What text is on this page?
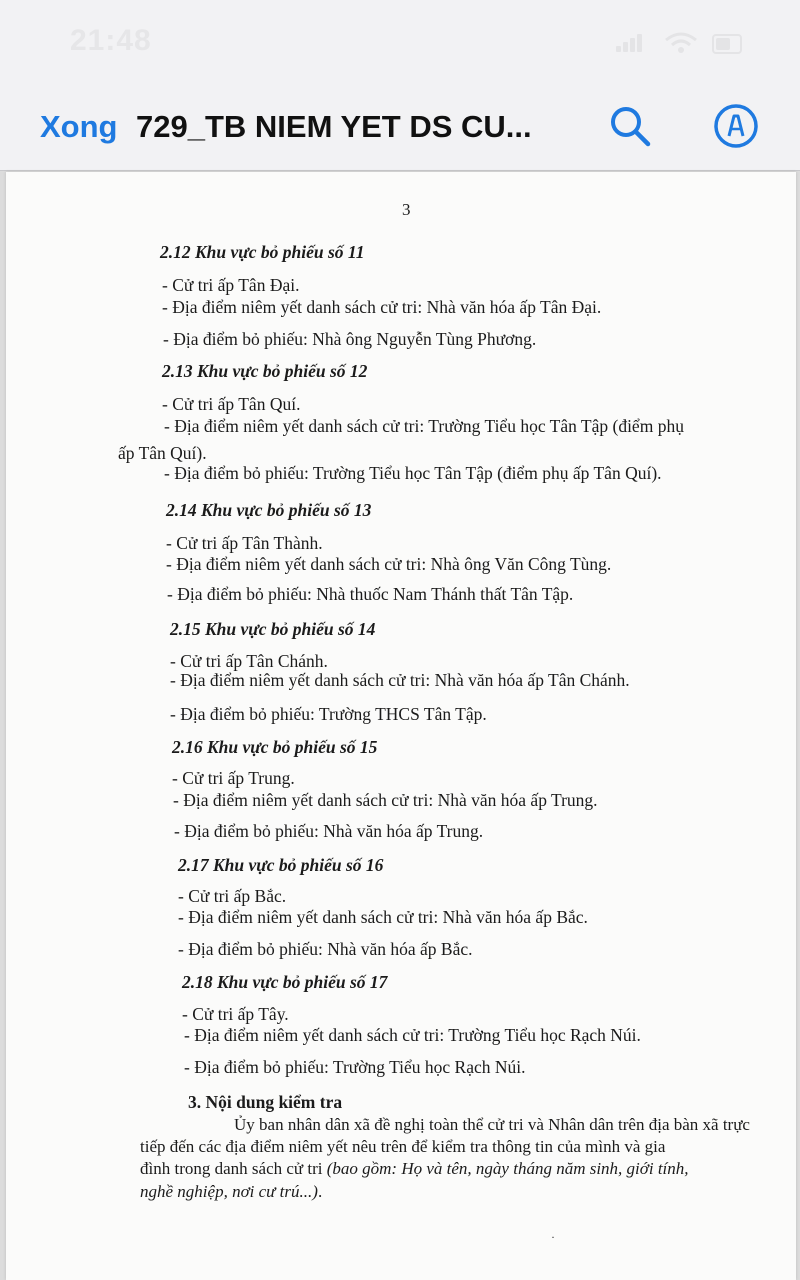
21:48
Xong 729_TB NIEM YET DS CU...
3
2.12 Khu vực bỏ phiếu số 11
- Cử tri ấp Tân Đại.
- Địa điểm niêm yết danh sách cử tri: Nhà văn hóa ấp Tân Đại.
- Địa điểm bỏ phiếu: Nhà ông Nguyễn Tùng Phương.
2.13 Khu vực bỏ phiếu số 12
- Cử tri ấp Tân Quí.
- Địa điểm niêm yết danh sách cử tri: Trường Tiểu học Tân Tập (điểm phụ
ấp Tân Quí).
- Địa điểm bỏ phiếu: Trường Tiểu học Tân Tập (điểm phụ ấp Tân Quí).
2.14 Khu vực bỏ phiếu số 13
- Cử tri ấp Tân Thành.
- Địa điểm niêm yết danh sách cử tri: Nhà ông Văn Công Tùng.
- Địa điểm bỏ phiếu: Nhà thuốc Nam Thánh thất Tân Tập.
2.15 Khu vực bỏ phiếu số 14
- Cử tri ấp Tân Chánh.
- Địa điểm niêm yết danh sách cử tri: Nhà văn hóa ấp Tân Chánh.
- Địa điểm bỏ phiếu: Trường THCS Tân Tập.
2.16 Khu vực bỏ phiếu số 15
- Cử tri ấp Trung.
- Địa điểm niêm yết danh sách cử tri: Nhà văn hóa ấp Trung.
- Địa điểm bỏ phiếu: Nhà văn hóa ấp Trung.
2.17 Khu vực bỏ phiếu số 16
- Cử tri ấp Bắc.
- Địa điểm niêm yết danh sách cử tri: Nhà văn hóa ấp Bắc.
- Địa điểm bỏ phiếu: Nhà văn hóa ấp Bắc.
2.18 Khu vực bỏ phiếu số 17
- Cử tri ấp Tây.
- Địa điểm niêm yết danh sách cử tri: Trường Tiểu học Rạch Núi.
- Địa điểm bỏ phiếu: Trường Tiểu học Rạch Núi.
3. Nội dung kiểm tra
Ủy ban nhân dân xã đề nghị toàn thể cử tri và Nhân dân trên địa bàn xã trực
tiếp đến các địa điểm niêm yết nêu trên để kiểm tra thông tin của mình và gia
đình trong danh sách cử tri (bao gồm: Họ và tên, ngày tháng năm sinh, giới tính,
nghề nghiệp, nơi cư trú...).
·
